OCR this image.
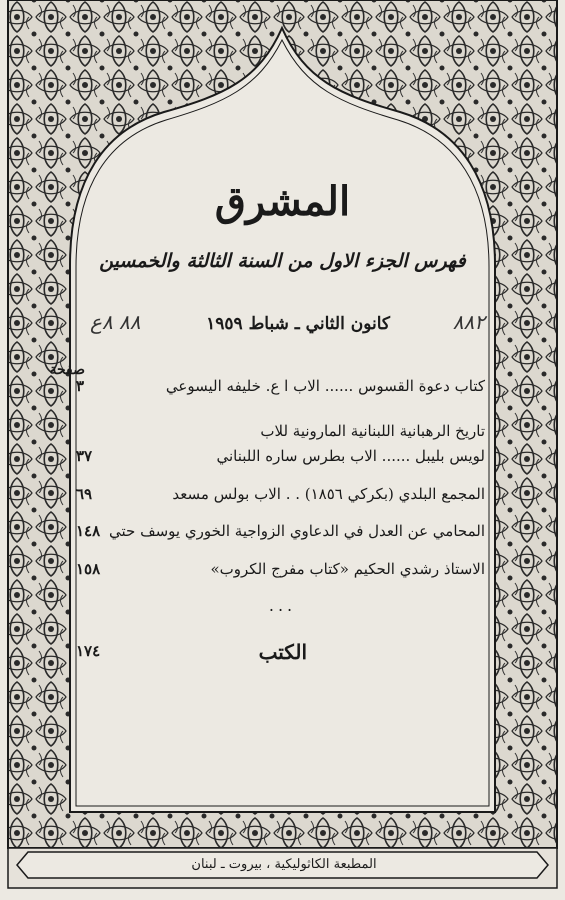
المشرق
فهرس الجزء الاول من السنة الثالثة والخمسين
٨٨٢
كانون الثاني ـ شباط ١٩٥٩
٨٨ ٨ع
صفحة
كتاب دعوة القسوس ...... الاب ا ع. خليفه اليسوعي
٣
تاريخ الرهبانية اللبنانية المارونية للاب
لويس بليبل ...... الاب بطرس ساره اللبناني
٣٧
المجمع البلدي (بكركي ١٨٥٦) . . الاب بولس مسعد
٦٩
المحامي عن العدل في الدعاوي الزواجية الخوري يوسف حتي
١٤٨
الاستاذ رشدي الحكيم «كتاب مفرج الكروب»
١٥٨
...
الكتب
١٧٤
المطبعة الكاثوليكية ، بيروت ـ لبنان
